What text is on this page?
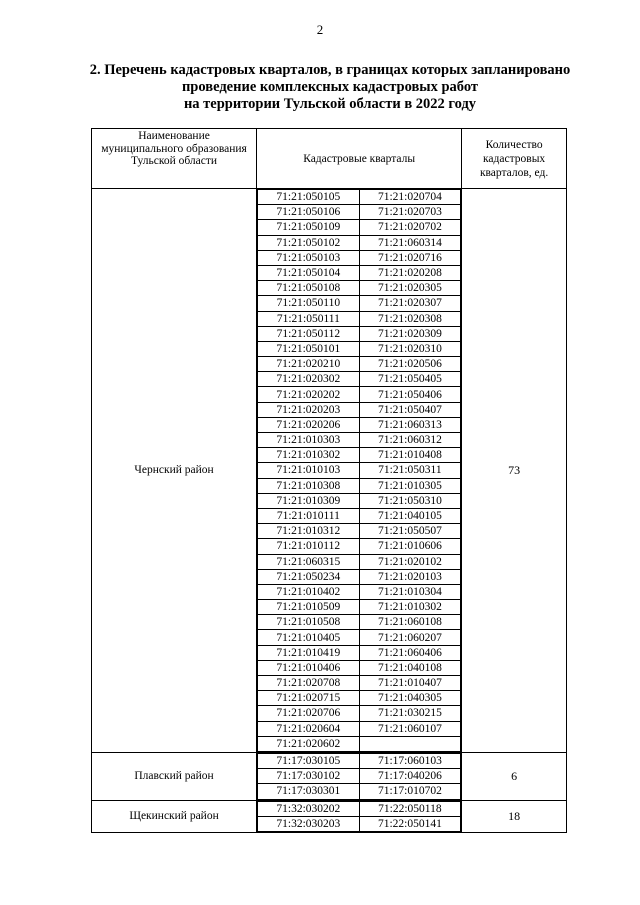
2
2. Перечень кадастровых кварталов, в границах которых запланировано
проведение комплексных кадастровых работ
на территории Тульской области в 2022 году
Наименование муниципального образования Тульской области	Кадастровые кварталы	Количество кадастровых кварталов, ед.
Чернский район	
71:21:050105	71:21:020704
71:21:050106	71:21:020703
71:21:050109	71:21:020702
71:21:050102	71:21:060314
71:21:050103	71:21:020716
71:21:050104	71:21:020208
71:21:050108	71:21:020305
71:21:050110	71:21:020307
71:21:050111	71:21:020308
71:21:050112	71:21:020309
71:21:050101	71:21:020310
71:21:020210	71:21:020506
71:21:020302	71:21:050405
71:21:020202	71:21:050406
71:21:020203	71:21:050407
71:21:020206	71:21:060313
71:21:010303	71:21:060312
71:21:010302	71:21:010408
71:21:010103	71:21:050311
71:21:010308	71:21:010305
71:21:010309	71:21:050310
71:21:010111	71:21:040105
71:21:010312	71:21:050507
71:21:010112	71:21:010606
71:21:060315	71:21:020102
71:21:050234	71:21:020103
71:21:010402	71:21:010304
71:21:010509	71:21:010302
71:21:010508	71:21:060108
71:21:010405	71:21:060207
71:21:010419	71:21:060406
71:21:010406	71:21:040108
71:21:020708	71:21:010407
71:21:020715	71:21:040305
71:21:020706	71:21:030215
71:21:020604	71:21:060107
71:21:020602	
	73
Плавский район	
71:17:030105	71:17:060103
71:17:030102	71:17:040206
71:17:030301	71:17:010702
	6
Щекинский район	
71:32:030202	71:22:050118
71:32:030203	71:22:050141
	18
